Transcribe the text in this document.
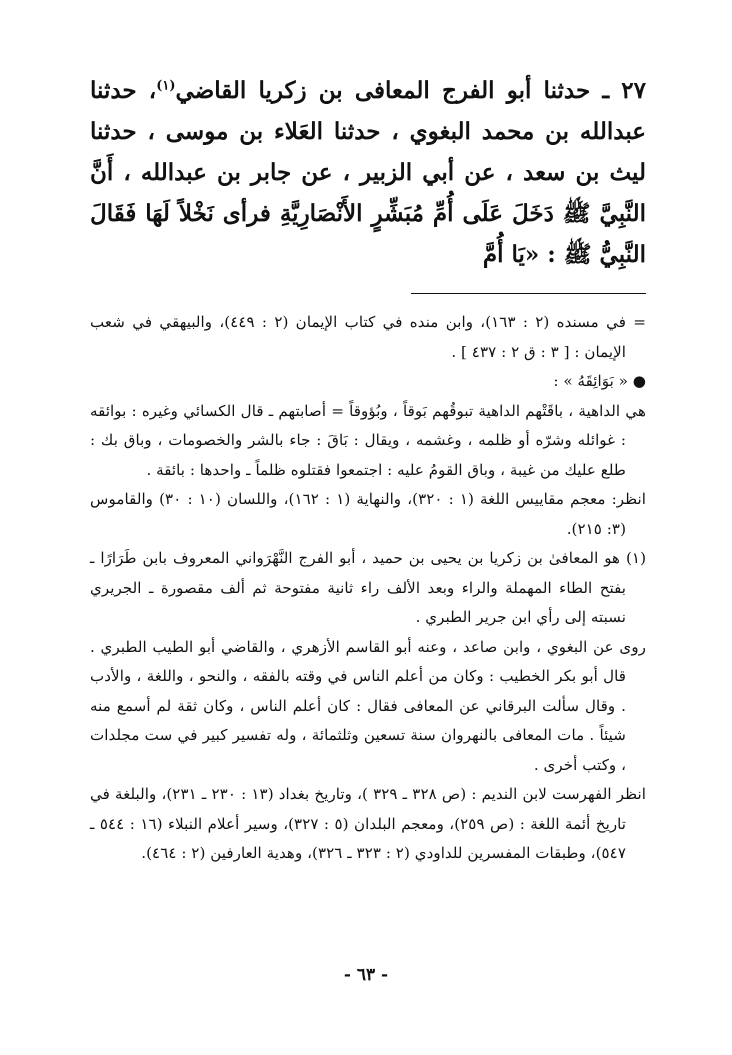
٢٧ ـ حدثنا أبو الفرج المعافى بن زكريا القاضي$^{(١)}$، حدثنا عبدالله بن محمد البغوي ، حدثنا العَلاء بن موسى ، حدثنا ليث بن سعد ، عن أبي الزبير ، عن جابر بن عبدالله ، أَنَّ النَّبِيَّ ﷺ دَخَلَ عَلَى أُمِّ مُبَشِّرٍ الأَنْصَارِيَّةِ فرأى نَخْلاً لَهَا فَقَالَ النَّبِيُّ ﷺ : «يَا أُمَّ

= في مسنده (٢ : ١٦٣)، وابن منده في كتاب الإيمان (٢ : ٤٤٩)، والبيهقي في شعب الإيمان : [ ٣ : ق ٢ : ٤٣٧ ] .

● « بَوَائِقَهُ » :

هي الداهية ، باقَتْهم الداهية تبوقُهم بَوقاً ، وبُؤوقاً = أصابتهم ـ قال الكسائي وغيره : بوائقه : غوائله وشرّه أو ظلمه ، وغشمه ، ويقال : بَاقَ : جاء بالشر والخصومات ، وباق بك : طلع عليك من غيبة ، وباق القومُ عليه : اجتمعوا فقتلوه ظلماً ـ واحدها : بائقة .

انظر: معجم مقاييس اللغة (١ : ٣٢٠)، والنهاية (١ : ١٦٢)، واللسان (١٠ : ٣٠) والقاموس (٣: ٢١٥).

(١) هو المعافىٰ بن زكريا بن يحيى بن حميد ، أبو الفرج النَّهْرَواني المعروف بابن طَرَارًا ـ بفتح الطاء المهملة والراء وبعد الألف راء ثانية مفتوحة ثم ألف مقصورة ـ الجريري نسبته إلى رأي ابن جرير الطبري .

روى عن البغوي ، وابن صاعد ، وعنه أبو القاسم الأزهري ، والقاضي أبو الطيب الطبري . قال أبو بكر الخطيب : وكان من أعلم الناس في وقته بالفقه ، والنحو ، واللغة ، والأدب . وقال سألت البرقاني عن المعافى فقال : كان أعلم الناس ، وكان ثقة لم أسمع منه شيئاً . مات المعافى بالنهروان سنة تسعين وثلثمائة ، وله تفسير كبير في ست مجلدات ، وكتب أخرى .

انظر الفهرست لابن النديم : (ص ٣٢٨ ـ ٣٢٩ )، وتاريخ بغداد (١٣ : ٢٣٠ ـ ٢٣١)، والبلغة في تاريخ أئمة اللغة : (ص ٢٥٩)، ومعجم البلدان (٥ : ٣٢٧)، وسير أعلام النبلاء (١٦ : ٥٤٤ ـ ٥٤٧)، وطبقات المفسرين للداودي (٢ : ٣٢٣ ـ ٣٢٦)، وهدية العارفين (٢ : ٤٦٤).

- ٦٣ -
